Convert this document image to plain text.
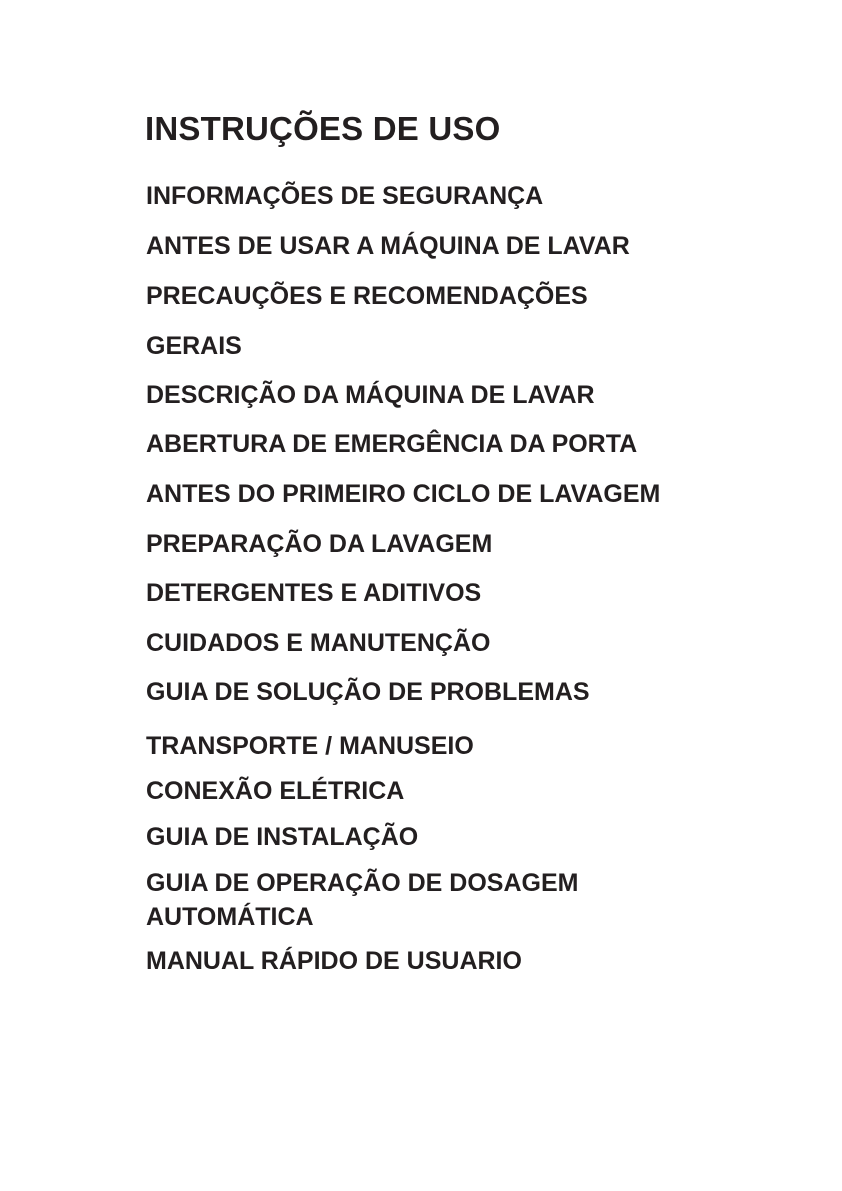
INSTRUÇÕES DE USO

INFORMAÇÕES DE SEGURANÇA

ANTES DE USAR A MÁQUINA DE LAVAR

PRECAUÇÕES E RECOMENDAÇÕES

GERAIS

DESCRIÇÃO DA MÁQUINA DE LAVAR

ABERTURA DE EMERGÊNCIA DA PORTA

ANTES DO PRIMEIRO CICLO DE LAVAGEM

PREPARAÇÃO DA LAVAGEM

DETERGENTES E ADITIVOS

CUIDADOS E MANUTENÇÃO

GUIA DE SOLUÇÃO DE PROBLEMAS

TRANSPORTE / MANUSEIO

CONEXÃO ELÉTRICA

GUIA DE INSTALAÇÃO

GUIA DE OPERAÇÃO DE DOSAGEM

AUTOMÁTICA

MANUAL RÁPIDO DE USUARIO
